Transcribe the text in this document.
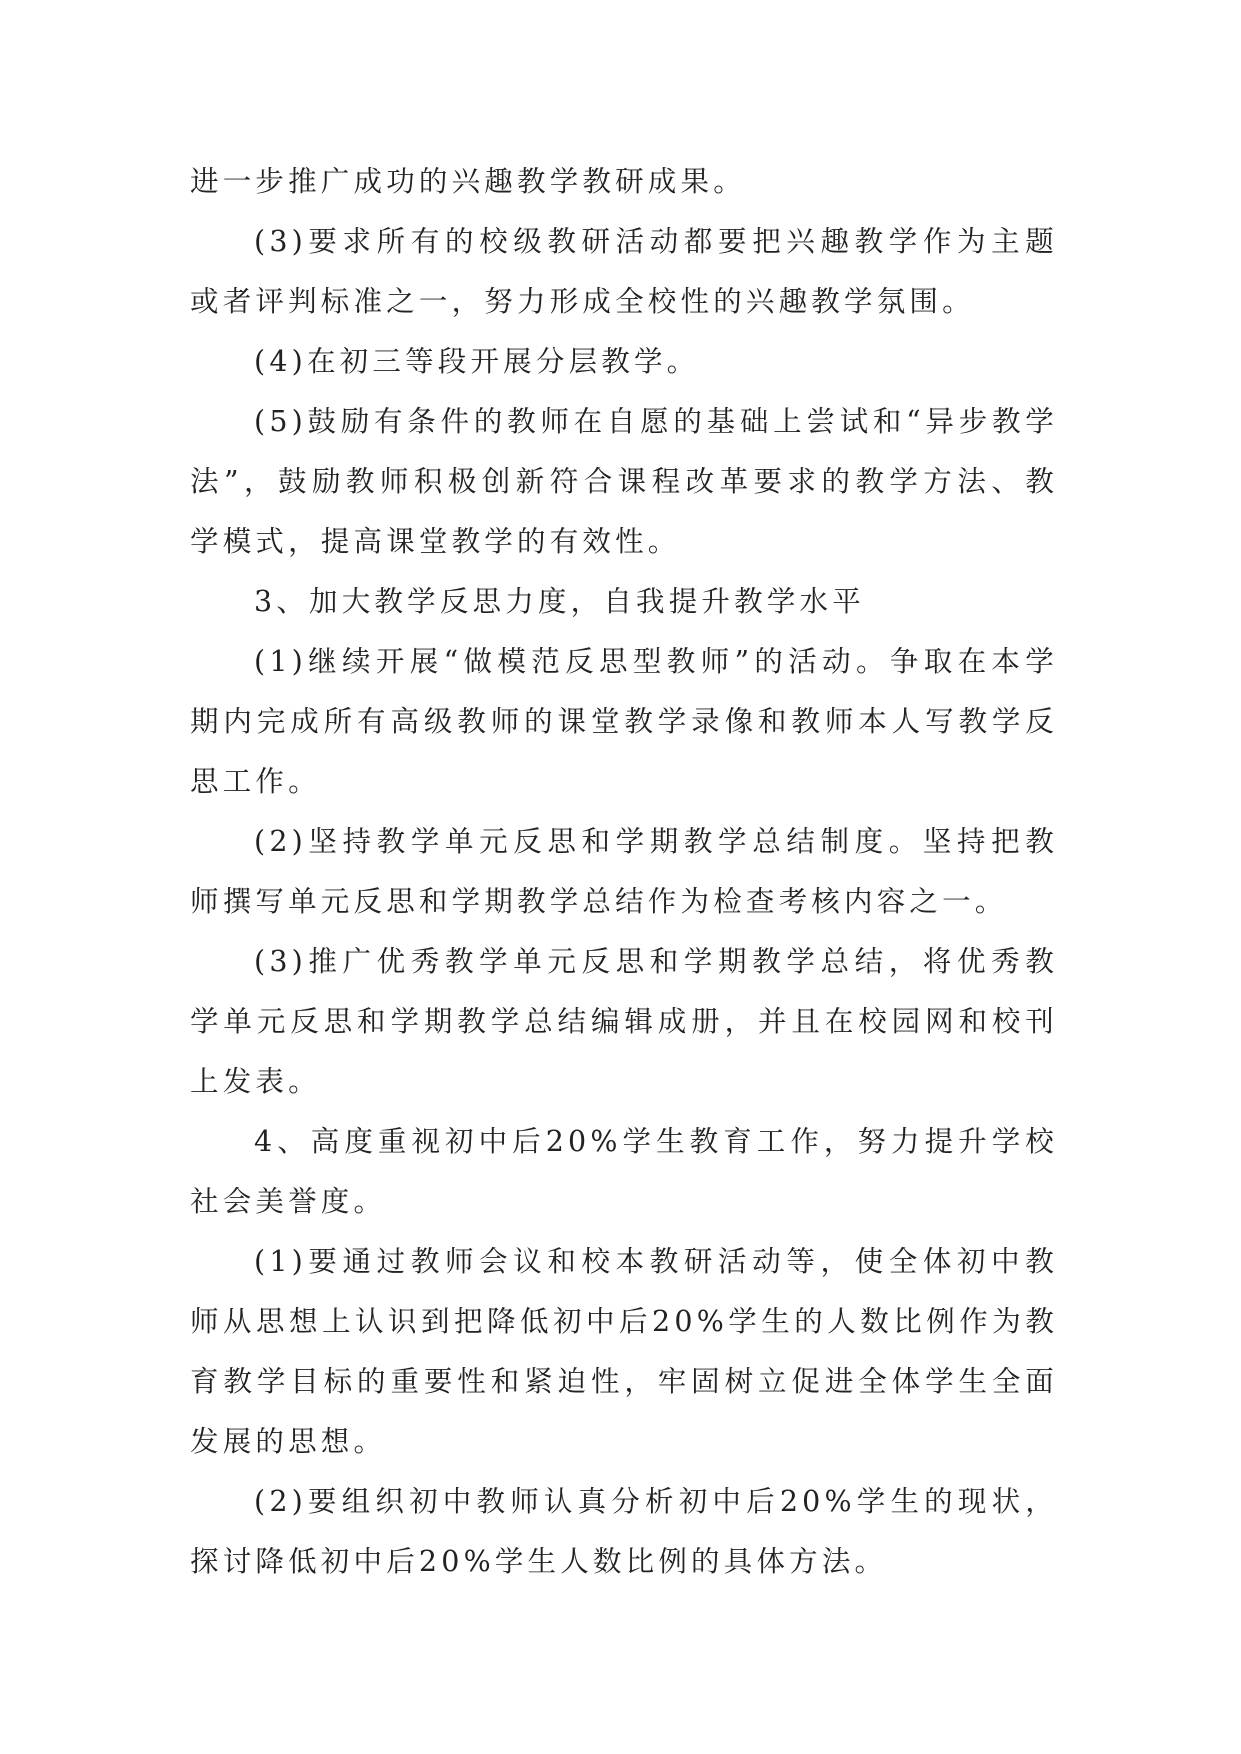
进一步推广成功的兴趣教学教研成果。

(3)要求所有的校级教研活动都要把兴趣教学作为主题或者评判标准之一，努力形成全校性的兴趣教学氛围。

(4)在初三等段开展分层教学。

(5)鼓励有条件的教师在自愿的基础上尝试和“异步教学法”，鼓励教师积极创新符合课程改革要求的教学方法、教学模式，提高课堂教学的有效性。

3、加大教学反思力度，自我提升教学水平

(1)继续开展“做模范反思型教师”的活动。争取在本学期内完成所有高级教师的课堂教学录像和教师本人写教学反思工作。

(2)坚持教学单元反思和学期教学总结制度。坚持把教师撰写单元反思和学期教学总结作为检查考核内容之一。

(3)推广优秀教学单元反思和学期教学总结，将优秀教学单元反思和学期教学总结编辑成册，并且在校园网和校刊上发表。

4、高度重视初中后20%学生教育工作，努力提升学校社会美誉度。

(1)要通过教师会议和校本教研活动等，使全体初中教师从思想上认识到把降低初中后20%学生的人数比例作为教育教学目标的重要性和紧迫性，牢固树立促进全体学生全面发展的思想。

(2)要组织初中教师认真分析初中后20%学生的现状，探讨降低初中后20%学生人数比例的具体方法。
